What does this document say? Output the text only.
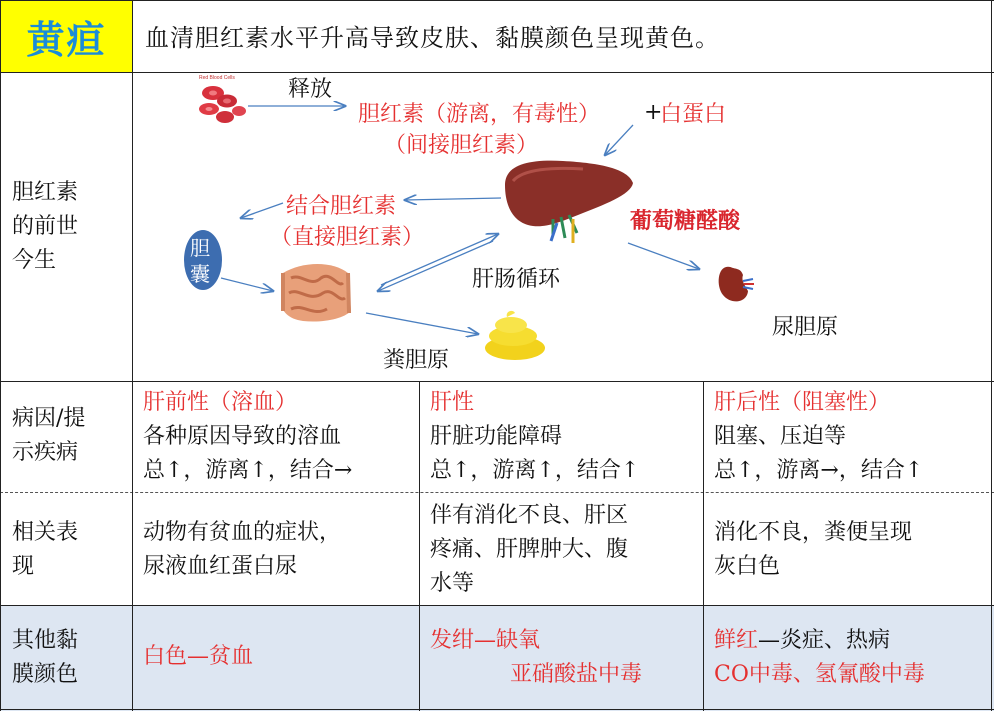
黄疸 血清胆红素水平升高导致皮肤、黏膜颜色呈现黄色。
胆红素
的前世
今生
Red Blood Cells 释放
胆红素（游离，有毒性）
（间接胆红素）
+
白蛋白
结合胆红素
（直接胆红素）
葡萄糖醛酸
胆
囊	肝肠循环
尿胆原
粪胆原
病因/提
示疾病
肝前性（溶血）
各种原因导致的溶血
总↑，游离↑，结合→
肝性
肝脏功能障碍
总↑，游离↑，结合↑
肝后性（阻塞性）
阻塞、压迫等
总↑，游离→，结合↑
相关表
现
动物有贫血的症状，
尿液血红蛋白尿
伴有消化不良、肝区
疼痛、肝脾肿大、腹
水等
消化不良，粪便呈现
灰白色
其他黏
膜颜色
白色—贫血
发绀—缺氧
亚硝酸盐中毒
鲜红—炎症、热病
CO中毒、氢氰酸中毒
